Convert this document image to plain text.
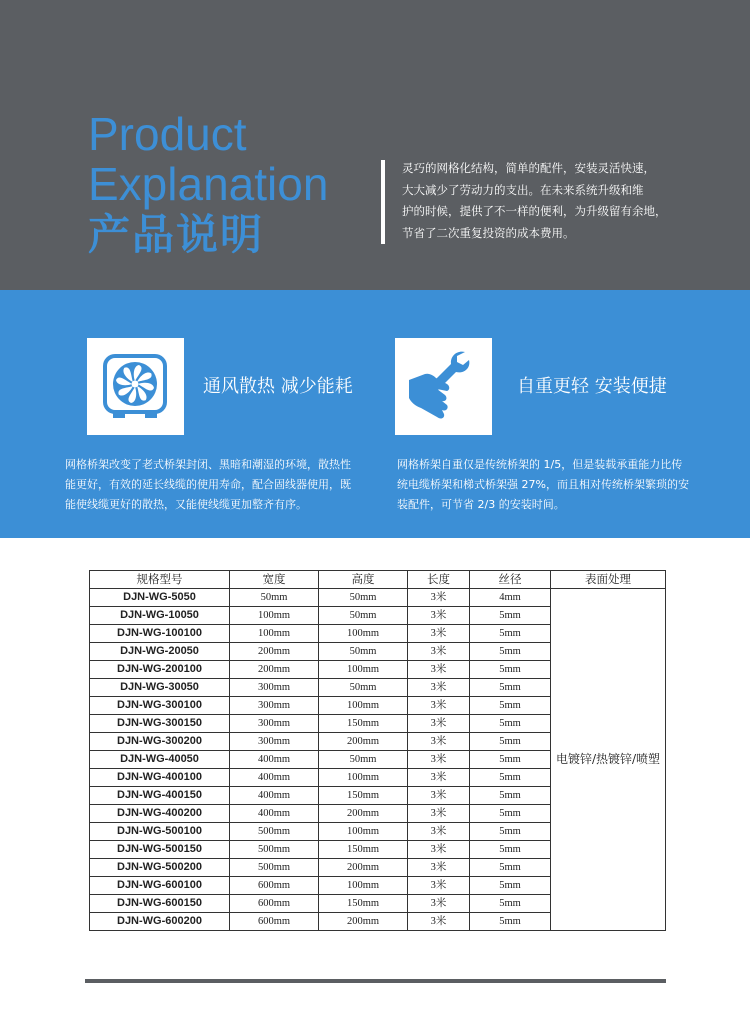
Product
Explanation
产品说明
灵巧的网格化结构，简单的配件，安装灵活快速，
大大减少了劳动力的支出。在未来系统升级和维
护的时候，提供了不一样的便利，为升级留有余地，
节省了二次重复投资的成本费用。
通风散热 减少能耗
网格桥架改变了老式桥架封闭、黑暗和潮湿的环境，散热性
能更好，有效的延长线缆的使用寿命，配合固线器使用，既
能使线缆更好的散热，又能使线缆更加整齐有序。
自重更轻 安装便捷
网格桥架自重仅是传统桥架的 1/5，但是装载承重能力比传
统电缆桥架和梯式桥架强 27%，而且相对传统桥架繁琐的安
装配件，可节省 2/3 的安装时间。
规格型号	宽度	高度	长度	丝径	表面处理
DJN-WG-5050	50mm	50mm	3米	4mm	电镀锌/热镀锌/喷塑
DJN-WG-10050	100mm	50mm	3米	5mm	
DJN-WG-100100	100mm	100mm	3米	5mm	
DJN-WG-20050	200mm	50mm	3米	5mm	
DJN-WG-200100	200mm	100mm	3米	5mm	
DJN-WG-30050	300mm	50mm	3米	5mm	
DJN-WG-300100	300mm	100mm	3米	5mm	
DJN-WG-300150	300mm	150mm	3米	5mm	
DJN-WG-300200	300mm	200mm	3米	5mm	
DJN-WG-40050	400mm	50mm	3米	5mm	
DJN-WG-400100	400mm	100mm	3米	5mm	
DJN-WG-400150	400mm	150mm	3米	5mm	
DJN-WG-400200	400mm	200mm	3米	5mm	
DJN-WG-500100	500mm	100mm	3米	5mm	
DJN-WG-500150	500mm	150mm	3米	5mm	
DJN-WG-500200	500mm	200mm	3米	5mm	
DJN-WG-600100	600mm	100mm	3米	5mm	
DJN-WG-600150	600mm	150mm	3米	5mm	
DJN-WG-600200	600mm	200mm	3米	5mm	
